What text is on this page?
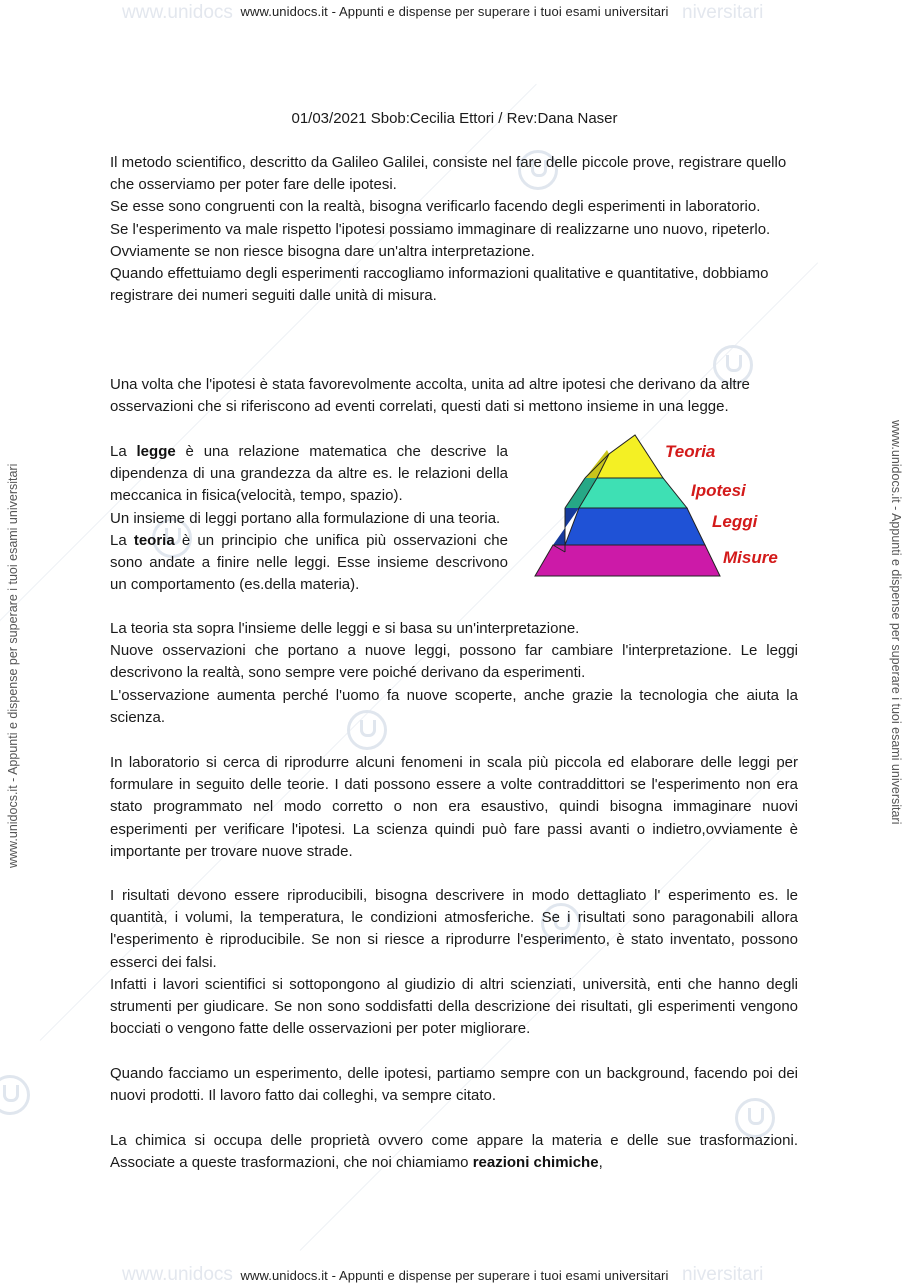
www.unidocs	niversitari
www.unidocs	niversitari
www.unidocs.it - Appunti e dispense per superare i tuoi esami universitari
www.unidocs.it - Appunti e dispense per superare i tuoi esami universitari
www.unidocs.it - Appunti e dispense per superare i tuoi esami universitari	www.unidocs.it - Appunti e dispense per superare i tuoi esami universitari
01/03/2021 Sbob:Cecilia Ettori / Rev:Dana Naser

Il metodo scientifico, descritto da Galileo Galilei, consiste nel fare delle piccole prove, registrare quello che osserviamo per poter fare delle ipotesi.

Se esse sono congruenti con la realtà, bisogna verificarlo facendo degli esperimenti in laboratorio.

Se l'esperimento va male rispetto l'ipotesi possiamo immaginare di realizzarne uno nuovo, ripeterlo.

Ovviamente se non riesce bisogna dare un'altra interpretazione.

Quando effettuiamo degli esperimenti raccogliamo informazioni qualitative e quantitative, dobbiamo registrare dei numeri seguiti dalle unità di misura.

Una volta che l'ipotesi è stata favorevolmente accolta, unita ad altre ipotesi che derivano da altre osservazioni che si riferiscono ad eventi correlati, questi dati si mettono insieme in una legge.

La legge è una relazione matematica che descrive la dipendenza di una grandezza da altre es. le relazioni della meccanica in fisica(velocità, tempo, spazio).

Un insieme di leggi portano alla formulazione di una teoria.

La teoria è un principio che unifica più osservazioni che sono andate a finire nelle leggi. Esse insieme descrivono un comportamento (es.della materia).

Teoria
Ipotesi
Leggi
Misure

La teoria sta sopra l'insieme delle leggi e si basa su un'interpretazione.

Nuove osservazioni che portano a nuove leggi, possono far cambiare l'interpretazione. Le leggi descrivono la realtà, sono sempre vere poiché derivano da esperimenti.

L'osservazione aumenta perché l'uomo fa nuove scoperte, anche grazie la tecnologia che aiuta la scienza.

In laboratorio si cerca di riprodurre alcuni fenomeni in scala più piccola ed elaborare delle leggi per formulare in seguito delle teorie. I dati possono essere a volte contraddittori se l'esperimento non era stato programmato nel modo corretto o non era esaustivo, quindi bisogna immaginare nuovi esperimenti per verificare l'ipotesi. La scienza quindi può fare passi avanti o indietro,ovviamente è importante per trovare nuove strade.

I risultati devono essere riproducibili, bisogna descrivere in modo dettagliato l' esperimento es. le quantità, i volumi, la temperatura, le condizioni atmosferiche. Se i risultati sono paragonabili allora l'esperimento è riproducibile. Se non si riesce a riprodurre l'esperimento, è stato inventato, possono esserci dei falsi.

Infatti i lavori scientifici si sottopongono al giudizio di altri scienziati, università, enti che hanno degli strumenti per giudicare. Se non sono soddisfatti della descrizione dei risultati, gli esperimenti vengono bocciati o vengono fatte delle osservazioni per poter migliorare.

Quando facciamo un esperimento, delle ipotesi, partiamo sempre con un background, facendo poi dei nuovi prodotti. Il lavoro fatto dai colleghi, va sempre citato.

La chimica si occupa delle proprietà ovvero come appare la materia e delle sue trasformazioni. Associate a queste trasformazioni, che noi chiamiamo reazioni chimiche,
